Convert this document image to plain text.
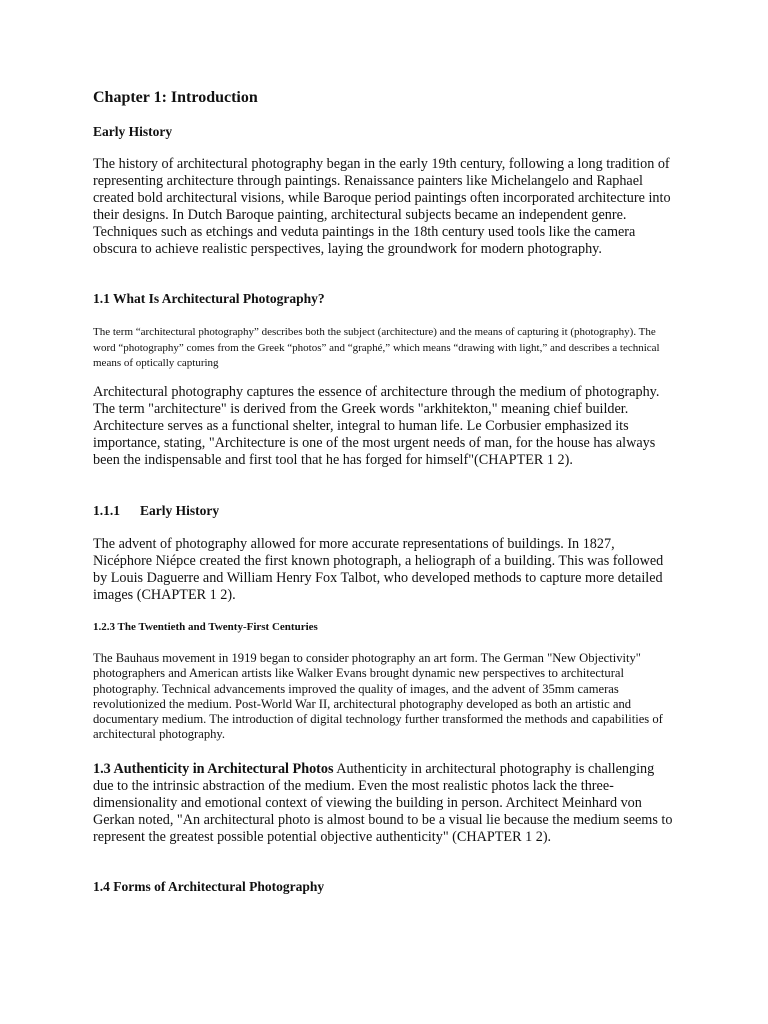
Chapter 1: Introduction
Early History

The history of architectural photography began in the early 19th century, following a long tradition of representing architecture through paintings. Renaissance painters like Michelangelo and Raphael created bold architectural visions, while Baroque period paintings often incorporated architecture into their designs. In Dutch Baroque painting, architectural subjects became an independent genre. Techniques such as etchings and veduta paintings in the 18th century used tools like the camera obscura to achieve realistic perspectives, laying the groundwork for modern photography.

1.1 What Is Architectural Photography?

The term “architectural photography” describes both the subject (architecture) and the means of capturing it (photography). The word “photography” comes from the Greek “photos” and “graphé,” which means “drawing with light,” and describes a technical means of optically capturing

Architectural photography captures the essence of architecture through the medium of photography. The term "architecture" is derived from the Greek words "arkhitekton," meaning chief builder. Architecture serves as a functional shelter, integral to human life. Le Corbusier emphasized its importance, stating, "Architecture is one of the most urgent needs of man, for the house has always been the indispensable and first tool that he has forged for himself"(CHAPTER 1 2).

1.1.1 Early History

The advent of photography allowed for more accurate representations of buildings. In 1827, Nicéphore Niépce created the first known photograph, a heliograph of a building. This was followed by Louis Daguerre and William Henry Fox Talbot, who developed methods to capture more detailed images (CHAPTER 1 2).

1.2.3 The Twentieth and Twenty-First Centuries

The Bauhaus movement in 1919 began to consider photography an art form. The German "New Objectivity" photographers and American artists like Walker Evans brought dynamic new perspectives to architectural photography. Technical advancements improved the quality of images, and the advent of 35mm cameras revolutionized the medium. Post-World War II, architectural photography developed as both an artistic and documentary medium. The introduction of digital technology further transformed the methods and capabilities of architectural photography.

1.3 Authenticity in Architectural Photos Authenticity in architectural photography is challenging due to the intrinsic abstraction of the medium. Even the most realistic photos lack the three-dimensionality and emotional context of viewing the building in person. Architect Meinhard von Gerkan noted, "An architectural photo is almost bound to be a visual lie because the medium seems to represent the greatest possible potential objective authenticity" (CHAPTER 1 2).

1.4 Forms of Architectural Photography
